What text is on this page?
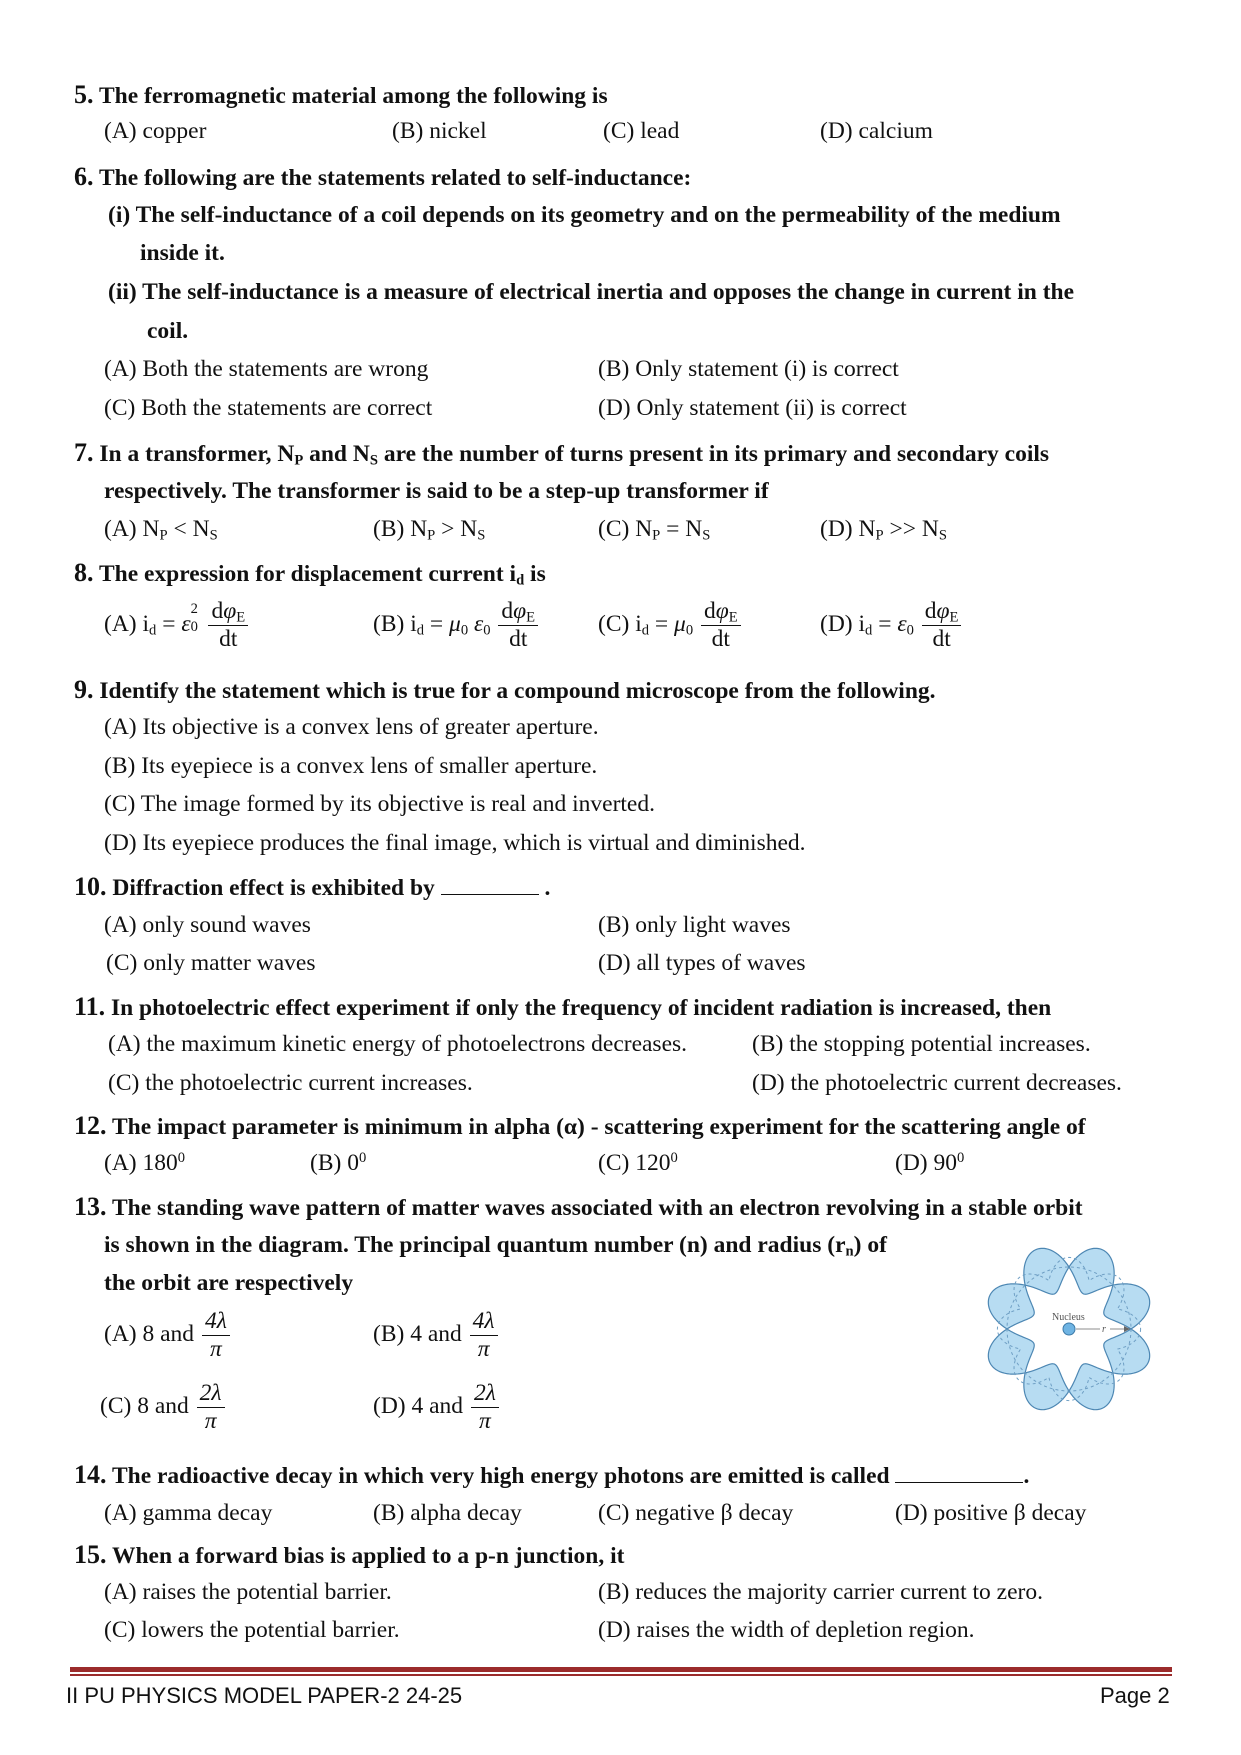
5. The ferromagnetic material among the following is
(A) copper	(B) nickel	(C) lead	(D) calcium
6. The following are the statements related to self-inductance:
(i) The self-inductance of a coil depends on its geometry and on the permeability of the medium
inside it.
(ii) The self-inductance is a measure of electrical inertia and opposes the change in current in the
coil.
(A) Both the statements are wrong	(B) Only statement (i) is correct
(C) Both the statements are correct	(D) Only statement (ii) is correct
7. In a transformer, $N_P$ and $N_S$ are the number of turns present in its primary and secondary coils
respectively. The transformer is said to be a step-up transformer if
(A) $N_P < N_S$	(B) $N_P > N_S$	(C) $N_P = N_S$	(D) $N_P >> N_S$
8. The expression for displacement current $i_d$ is
(A) $i_d = \varepsilon$
2
0
$\frac{d\varphi_E}{dt}$	(B) $i_d = \mu_0$ $\varepsilon_0 \frac{d\varphi_E}{dt}$	(C) $i_d = \mu_0 \frac{d\varphi_E}{dt}$	(D) $i_d = \varepsilon_0 \frac{d\varphi_E}{dt}$
9. Identify the statement which is true for a compound microscope from the following.
(A) Its objective is a convex lens of greater aperture.
(B) Its eyepiece is a convex lens of smaller aperture.
(C) The image formed by its objective is real and inverted.
(D) Its eyepiece produces the final image, which is virtual and diminished.
10. Diffraction effect is exhibited by	.
(A) only sound waves	(B) only light waves
(C) only matter waves	(D) all types of waves
11. In photoelectric effect experiment if only the frequency of incident radiation is increased, then
(A) the maximum kinetic energy of photoelectrons decreases.	(B) the stopping potential increases.
(C) the photoelectric current increases.	(D) the photoelectric current decreases.
12. The impact parameter is minimum in alpha (α) - scattering experiment for the scattering angle of
(A) $180^0$	(B) $0^0$	(C) $120^0$	(D) $90^0$
13. The standing wave pattern of matter waves associated with an electron revolving in a stable orbit
is shown in the diagram. The principal quantum number (n) and radius $(r_n)$ of
the orbit are respectively
(A) 8 and $\frac{4\lambda}{\pi}$	(B) 4 and $\frac{4\lambda}{\pi}$
(C) 8 and $\frac{2\lambda}{\pi}$	(D) 4 and $\frac{2\lambda}{\pi}$
Nucleus
r
14. The radioactive decay in which very high energy photons are emitted is called	.
(A) gamma decay	(B) alpha decay	(C) negative β decay	(D) positive β decay
15. When a forward bias is applied to a p-n junction, it
(A) raises the potential barrier.	(B) reduces the majority carrier current to zero.
(C) lowers the potential barrier.	(D) raises the width of depletion region.
II PU PHYSICS MODEL PAPER-2 24-25	Page 2
